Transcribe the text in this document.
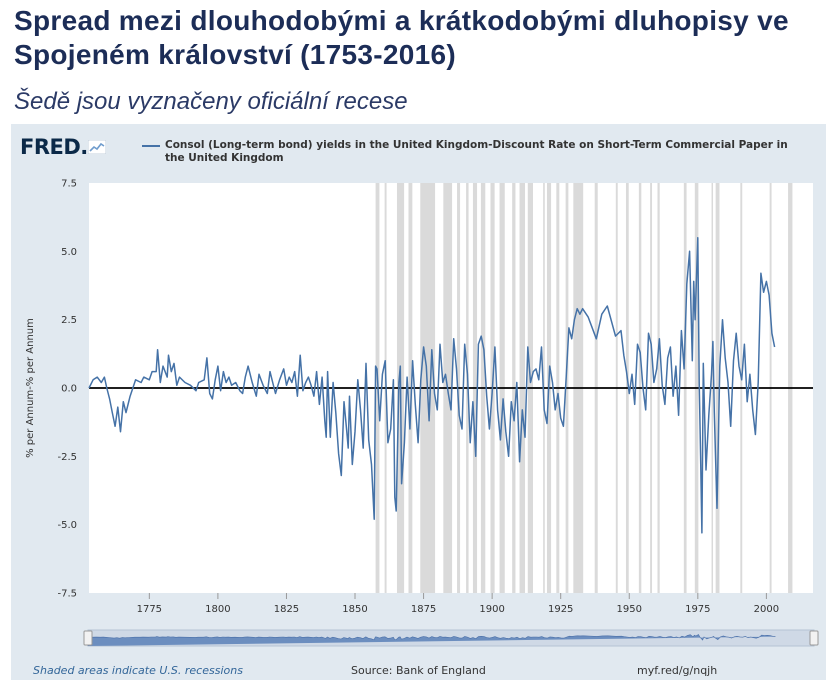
Spread mezi dlouhodobými a krátkodobými dluhopisy ve Spojeném království (1753-2016)

Šedě jsou vyznačeny oficiální recese

FRED .	Consol (Long-term bond) yields in the United Kingdom-Discount Rate on Short-Term Commercial Paper in the United Kingdom
1775	1800	1825	1850	1875	1900	1925	1950	1975	2000
7.5
5.0
2.5
0.0
-2.5
-5.0
-7.5
% per Annum-% per Annum
Shaded areas indicate U.S. recessions	Source: Bank of England	myf.red/g/nqjh
